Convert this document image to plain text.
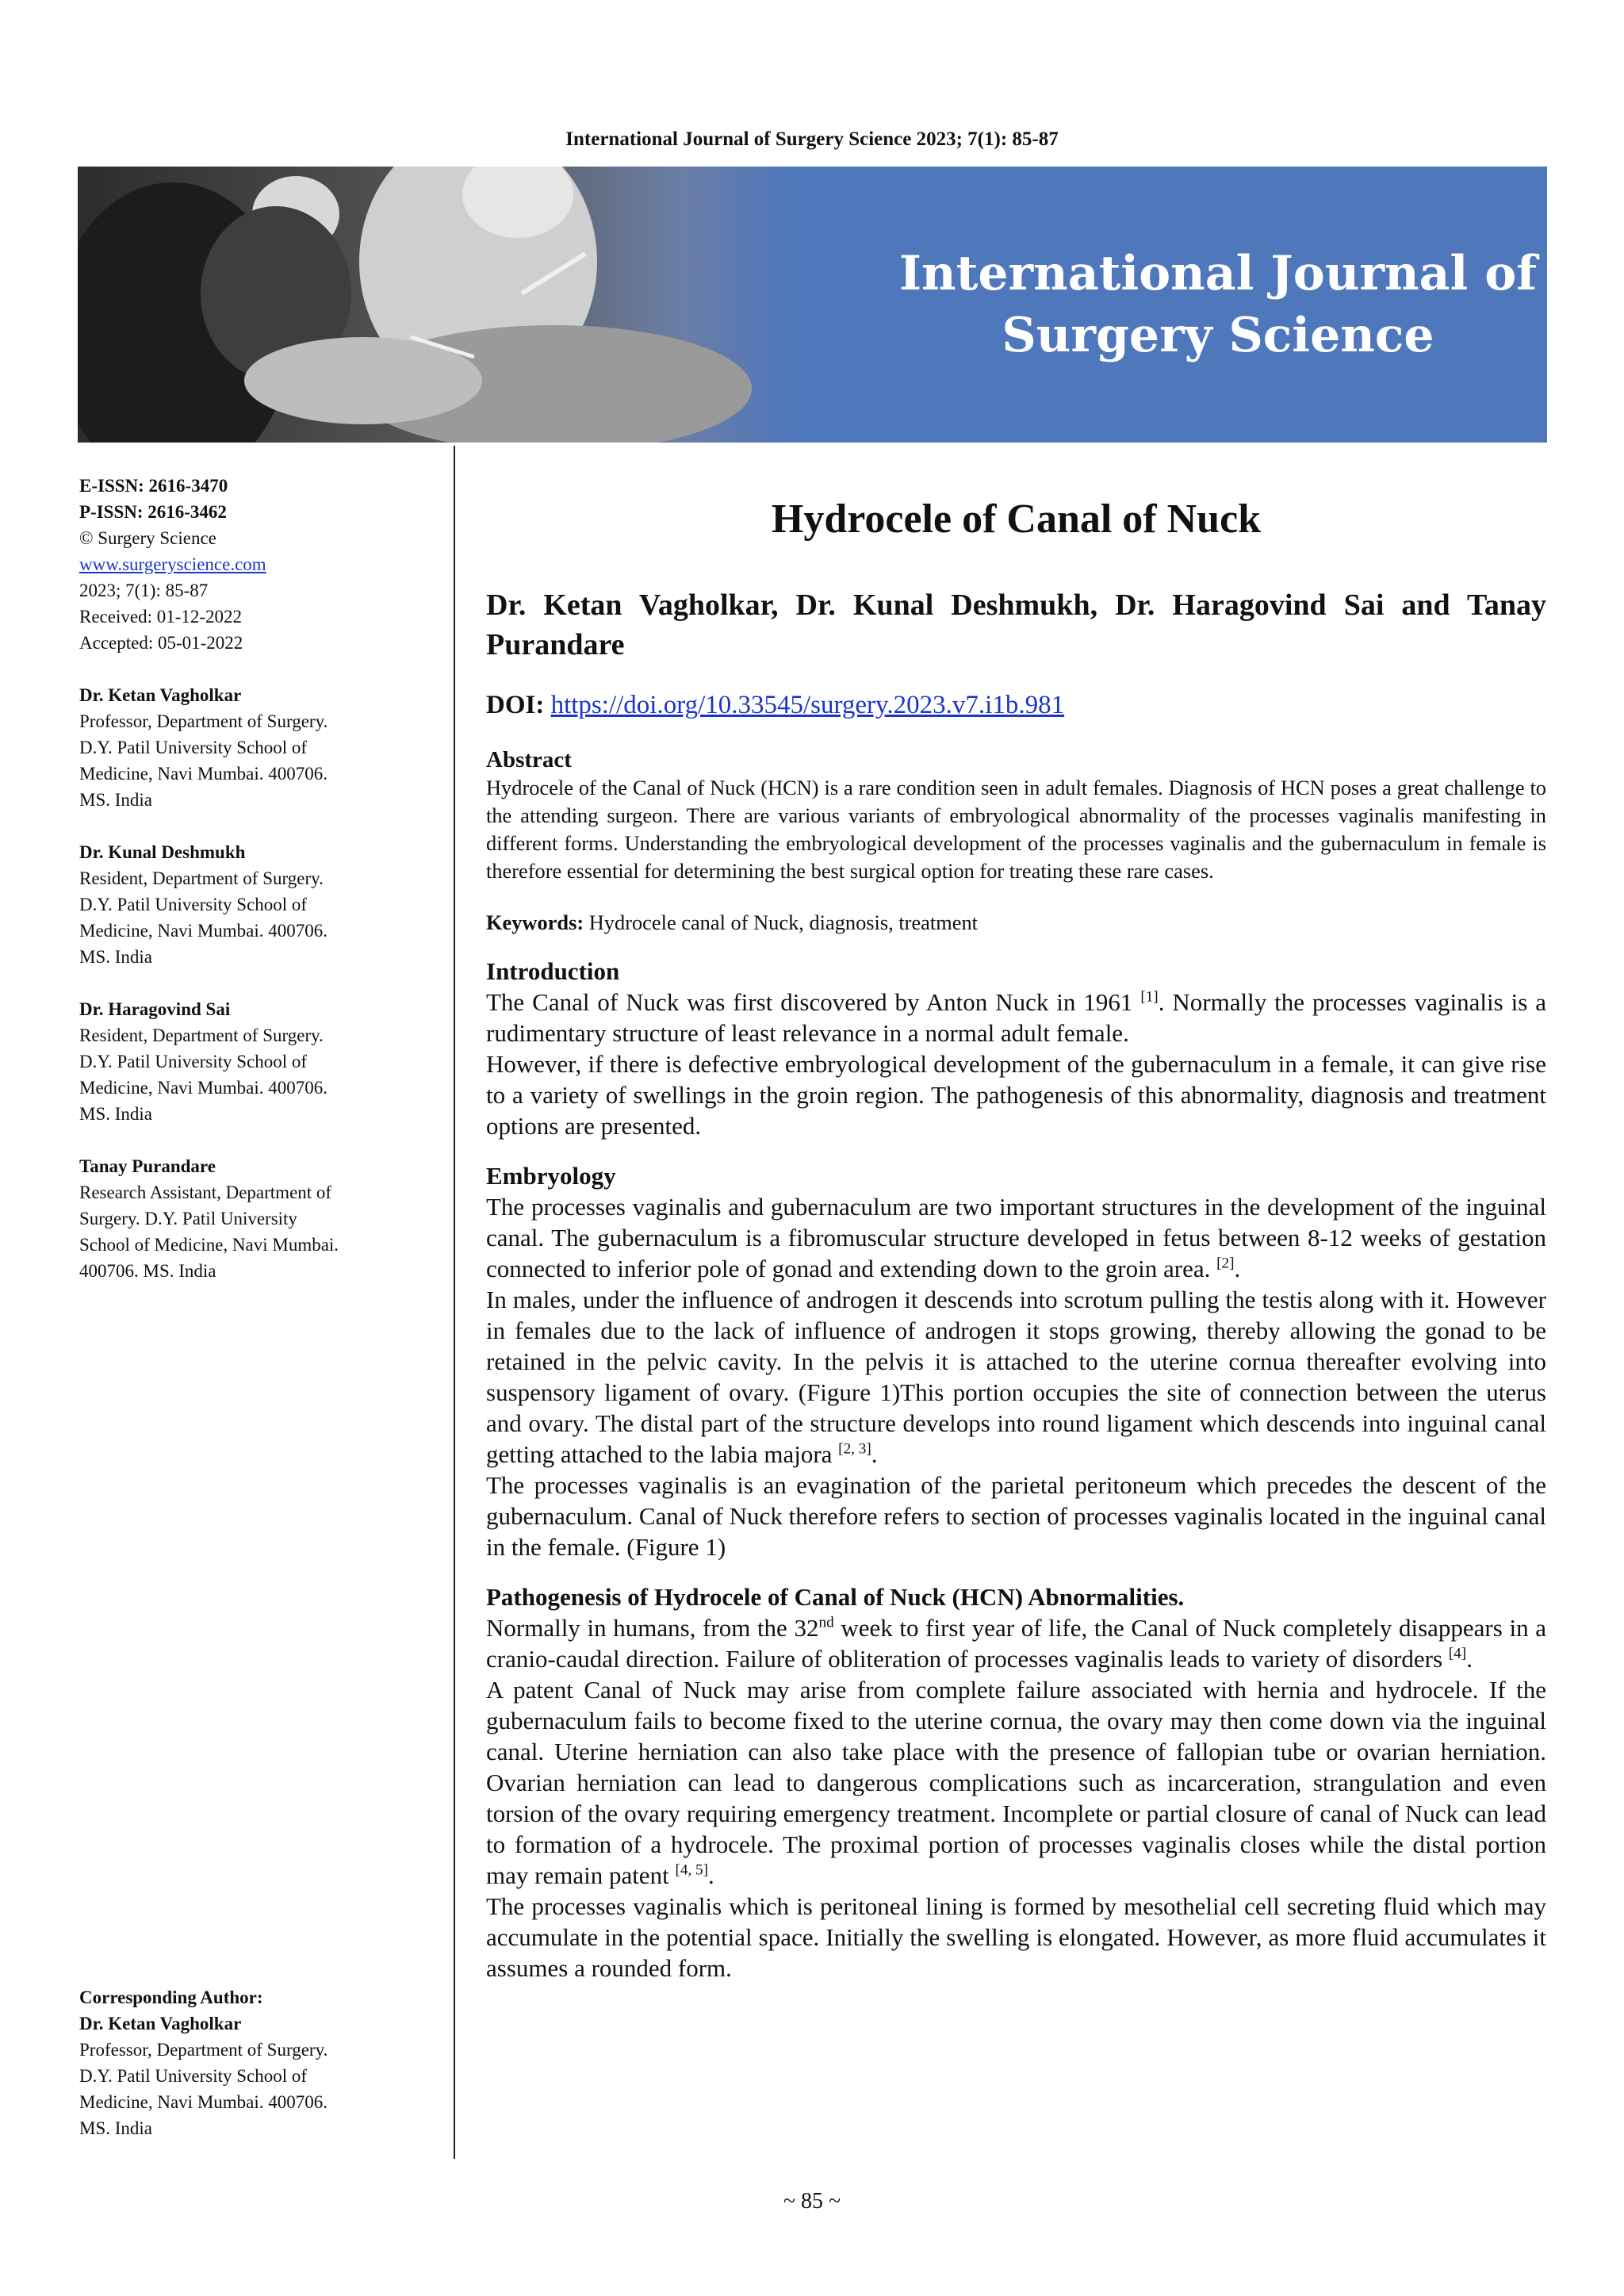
International Journal of Surgery Science 2023; 7(1): 85-87
International Journal of
Surgery Science
E-ISSN: 2616-3470
P-ISSN: 2616-3462
© Surgery Science
www.surgeryscience.com
2023; 7(1): 85-87
Received: 01-12-2022
Accepted: 05-01-2022
Dr. Ketan Vagholkar
Professor, Department of Surgery.
D.Y. Patil University School of
Medicine, Navi Mumbai. 400706.
MS. India
Dr. Kunal Deshmukh
Resident, Department of Surgery.
D.Y. Patil University School of
Medicine, Navi Mumbai. 400706.
MS. India
Dr. Haragovind Sai
Resident, Department of Surgery.
D.Y. Patil University School of
Medicine, Navi Mumbai. 400706.
MS. India
Tanay Purandare
Research Assistant, Department of
Surgery. D.Y. Patil University
School of Medicine, Navi Mumbai.
400706. MS. India
Corresponding Author:
Dr. Ketan Vagholkar
Professor, Department of Surgery.
D.Y. Patil University School of
Medicine, Navi Mumbai. 400706.
MS. India
Hydrocele of Canal of Nuck
Dr. Ketan Vagholkar, Dr. Kunal Deshmukh, Dr. Haragovind Sai and Tanay Purandare
DOI: https://doi.org/10.33545/surgery.2023.v7.i1b.981
Abstract
Hydrocele of the Canal of Nuck (HCN) is a rare condition seen in adult females. Diagnosis of HCN poses a great challenge to the attending surgeon. There are various variants of embryological abnormality of the processes vaginalis manifesting in different forms. Understanding the embryological development of the processes vaginalis and the gubernaculum in female is therefore essential for determining the best surgical option for treating these rare cases.
Keywords: Hydrocele canal of Nuck, diagnosis, treatment
Introduction

The Canal of Nuck was first discovered by Anton Nuck in 1961 [1]. Normally the processes vaginalis is a rudimentary structure of least relevance in a normal adult female.

However, if there is defective embryological development of the gubernaculum in a female, it can give rise to a variety of swellings in the groin region. The pathogenesis of this abnormality, diagnosis and treatment options are presented.

Embryology

The processes vaginalis and gubernaculum are two important structures in the development of the inguinal canal. The gubernaculum is a fibromuscular structure developed in fetus between 8-12 weeks of gestation connected to inferior pole of gonad and extending down to the groin area. [2].

In males, under the influence of androgen it descends into scrotum pulling the testis along with it. However in females due to the lack of influence of androgen it stops growing, thereby allowing the gonad to be retained in the pelvic cavity. In the pelvis it is attached to the uterine cornua thereafter evolving into suspensory ligament of ovary. (Figure 1)This portion occupies the site of connection between the uterus and ovary. The distal part of the structure develops into round ligament which descends into inguinal canal getting attached to the labia majora [2, 3].

The processes vaginalis is an evagination of the parietal peritoneum which precedes the descent of the gubernaculum. Canal of Nuck therefore refers to section of processes vaginalis located in the inguinal canal in the female. (Figure 1)

Pathogenesis of Hydrocele of Canal of Nuck (HCN) Abnormalities.

Normally in humans, from the 32nd week to first year of life, the Canal of Nuck completely disappears in a cranio-caudal direction. Failure of obliteration of processes vaginalis leads to variety of disorders [4].

A patent Canal of Nuck may arise from complete failure associated with hernia and hydrocele. If the gubernaculum fails to become fixed to the uterine cornua, the ovary may then come down via the inguinal canal. Uterine herniation can also take place with the presence of fallopian tube or ovarian herniation. Ovarian herniation can lead to dangerous complications such as incarceration, strangulation and even torsion of the ovary requiring emergency treatment. Incomplete or partial closure of canal of Nuck can lead to formation of a hydrocele. The proximal portion of processes vaginalis closes while the distal portion may remain patent [4, 5].

The processes vaginalis which is peritoneal lining is formed by mesothelial cell secreting fluid which may accumulate in the potential space. Initially the swelling is elongated. However, as more fluid accumulates it assumes a rounded form.

~ 85 ~
